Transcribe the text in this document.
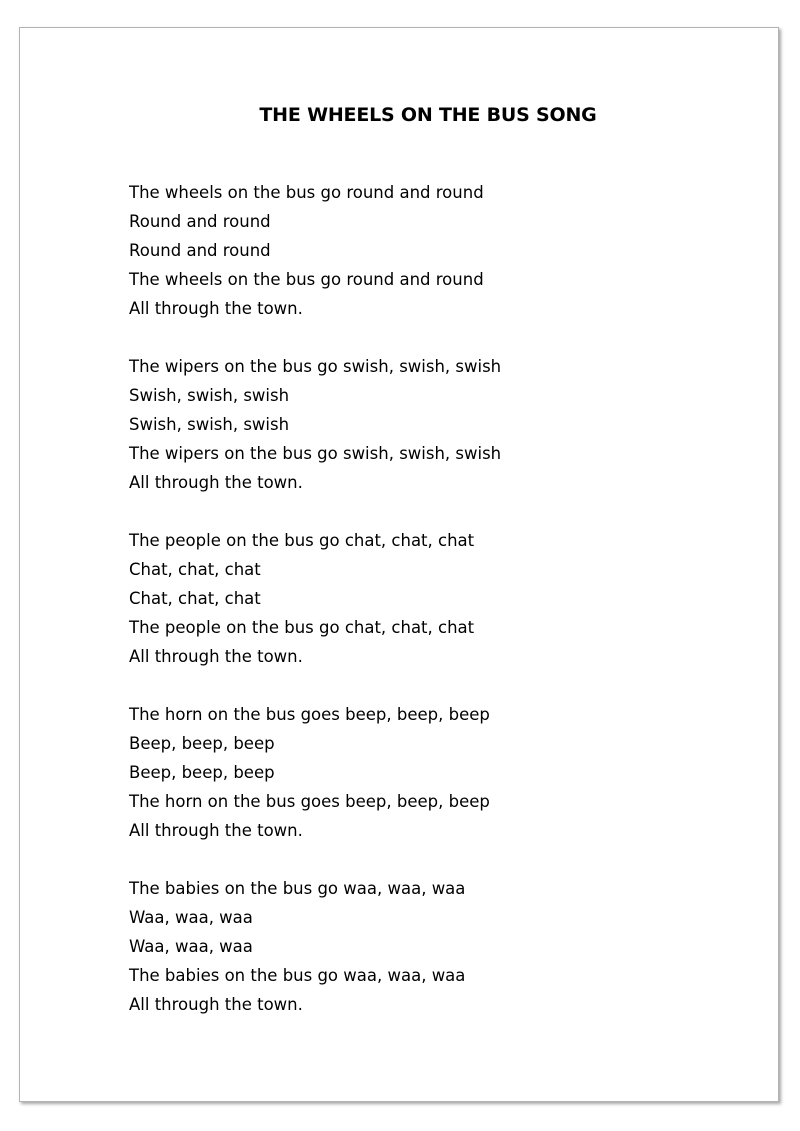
THE WHEELS ON THE BUS SONG
The wheels on the bus go round and round
Round and round
Round and round
The wheels on the bus go round and round
All through the town.
The wipers on the bus go swish, swish, swish
Swish, swish, swish
Swish, swish, swish
The wipers on the bus go swish, swish, swish
All through the town.
The people on the bus go chat, chat, chat
Chat, chat, chat
Chat, chat, chat
The people on the bus go chat, chat, chat
All through the town.
The horn on the bus goes beep, beep, beep
Beep, beep, beep
Beep, beep, beep
The horn on the bus goes beep, beep, beep
All through the town.
The babies on the bus go waa, waa, waa
Waa, waa, waa
Waa, waa, waa
The babies on the bus go waa, waa, waa
All through the town.
